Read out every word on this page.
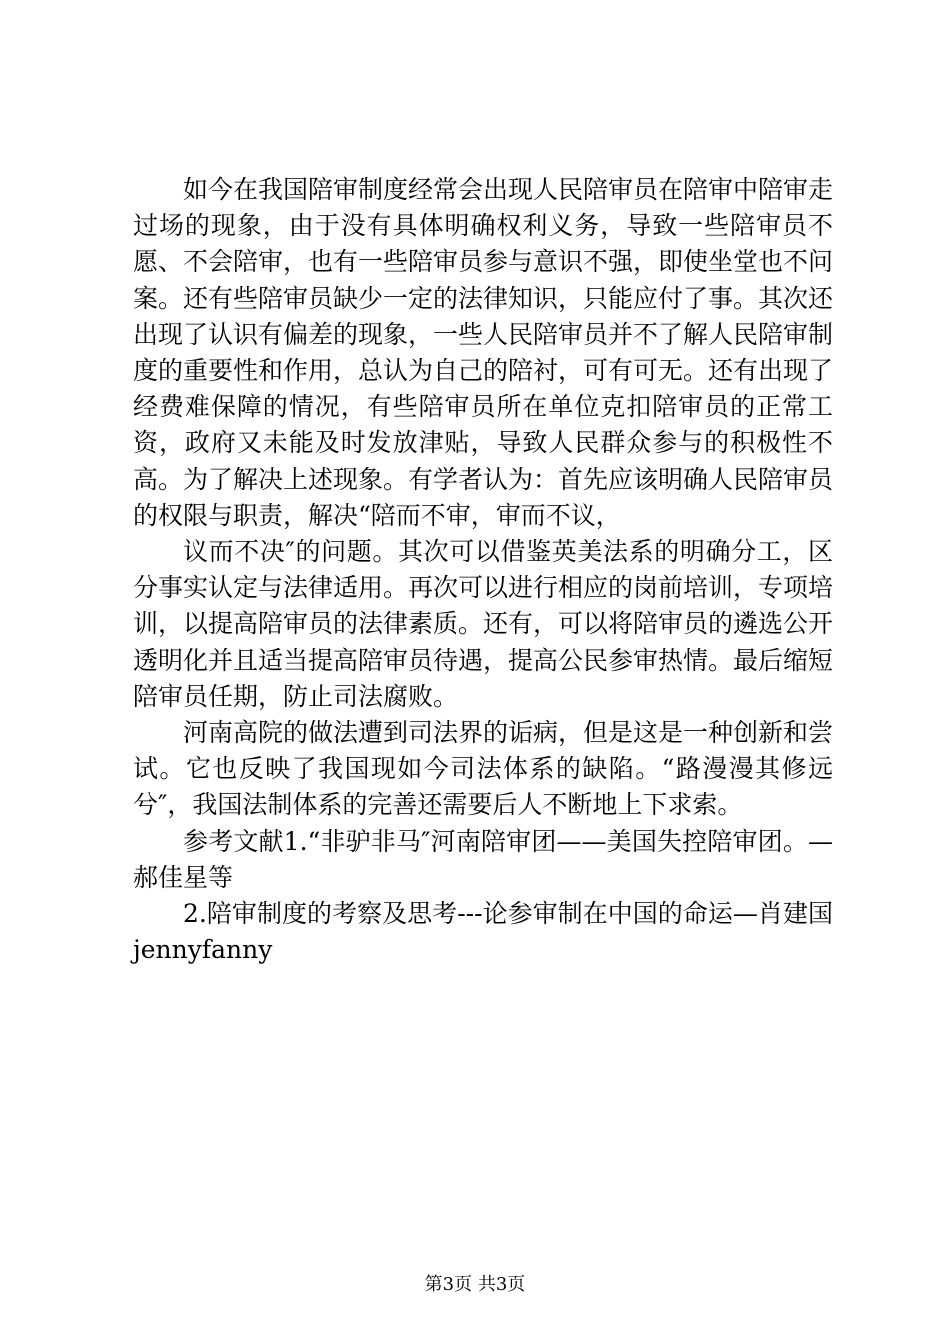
如今在我国陪审制度经常会出现人民陪审员在陪审中陪审走过场的现象，由于没有具体明确权利义务，导致一些陪审员不愿、不会陪审，也有一些陪审员参与意识不强，即使坐堂也不问案。还有些陪审员缺少一定的法律知识，只能应付了事。其次还出现了认识有偏差的现象，一些人民陪审员并不了解人民陪审制度的重要性和作用，总认为自己的陪衬，可有可无。还有出现了经费难保障的情况，有些陪审员所在单位克扣陪审员的正常工资，政府又未能及时发放津贴，导致人民群众参与的积极性不高。为了解决上述现象。有学者认为：首先应该明确人民陪审员的权限与职责，解决“陪而不审，审而不议，

议而不决″的问题。其次可以借鉴英美法系的明确分工，区分事实认定与法律适用。再次可以进行相应的岗前培训，专项培训，以提高陪审员的法律素质。还有，可以将陪审员的遴选公开透明化并且适当提高陪审员待遇，提高公民参审热情。最后缩短陪审员任期，防止司法腐败。

河南高院的做法遭到司法界的诟病，但是这是一种创新和尝试。它也反映了我国现如今司法体系的缺陷。“路漫漫其修远兮″，我国法制体系的完善还需要后人不断地上下求索。

参考文献1.“非驴非马″河南陪审团——美国失控陪审团。—郝佳星等

2.陪审制度的考察及思考---论参审制在中国的命运—肖建国 jennyfanny

第3页 共3页
